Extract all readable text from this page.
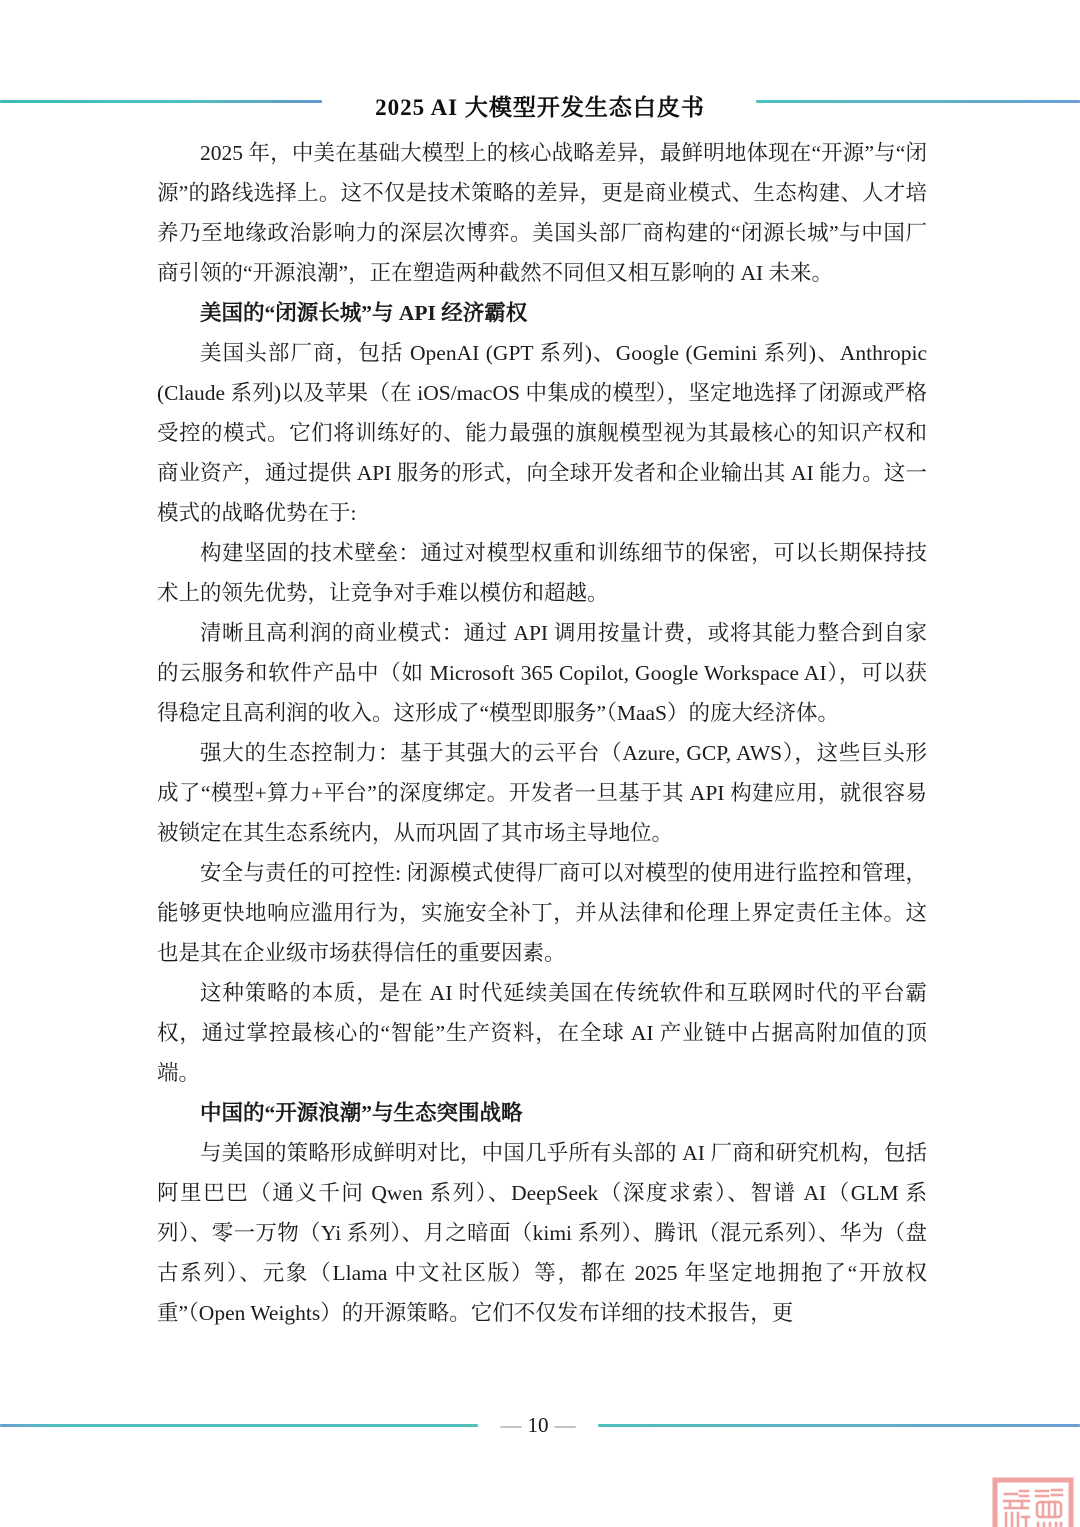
2025 AI 大模型开发生态白皮书

2025 年，中美在基础大模型上的核心战略差异，最鲜明地体现在“开源”与“闭源”的路线选择上。这不仅是技术策略的差异，更是商业模式、生态构建、人才培养乃至地缘政治影响力的深层次博弈。美国头部厂商构建的“闭源长城”与中国厂商引领的“开源浪潮”，正在塑造两种截然不同但又相互影响的 AI 未来。

美国的“闭源长城”与 API 经济霸权

美国头部厂商，包括 OpenAI (GPT 系列)、Google (Gemini 系列)、Anthropic (Claude 系列)以及苹果（在 iOS/macOS 中集成的模型），坚定地选择了闭源或严格受控的模式。它们将训练好的、能力最强的旗舰模型视为其最核心的知识产权和商业资产，通过提供 API 服务的形式，向全球开发者和企业输出其 AI 能力。这一模式的战略优势在于:

构建坚固的技术壁垒：通过对模型权重和训练细节的保密，可以长期保持技术上的领先优势，让竞争对手难以模仿和超越。

清晰且高利润的商业模式：通过 API 调用按量计费，或将其能力整合到自家的云服务和软件产品中（如 Microsoft 365 Copilot, Google Workspace AI），可以获得稳定且高利润的收入。这形成了“模型即服务”（MaaS）的庞大经济体。

强大的生态控制力：基于其强大的云平台（Azure, GCP, AWS），这些巨头形成了“模型+算力+平台”的深度绑定。开发者一旦基于其 API 构建应用，就很容易被锁定在其生态系统内，从而巩固了其市场主导地位。

安全与责任的可控性: 闭源模式使得厂商可以对模型的使用进行监控和管理，能够更快地响应滥用行为，实施安全补丁，并从法律和伦理上界定责任主体。这也是其在企业级市场获得信任的重要因素。

这种策略的本质，是在 AI 时代延续美国在传统软件和互联网时代的平台霸权，通过掌控最核心的“智能”生产资料，在全球 AI 产业链中占据高附加值的顶端。

中国的“开源浪潮”与生态突围战略

与美国的策略形成鲜明对比，中国几乎所有头部的 AI 厂商和研究机构，包括阿里巴巴（通义千问 Qwen 系列）、DeepSeek（深度求索）、智谱 AI（GLM 系列）、零一万物（Yi 系列）、月之暗面（kimi 系列）、腾讯（混元系列）、华为（盘古系列）、元象（Llama 中文社区版）等，都在 2025 年坚定地拥抱了“开放权重”（Open Weights）的开源策略。它们不仅发布详细的技术报告，更

— 10 —
